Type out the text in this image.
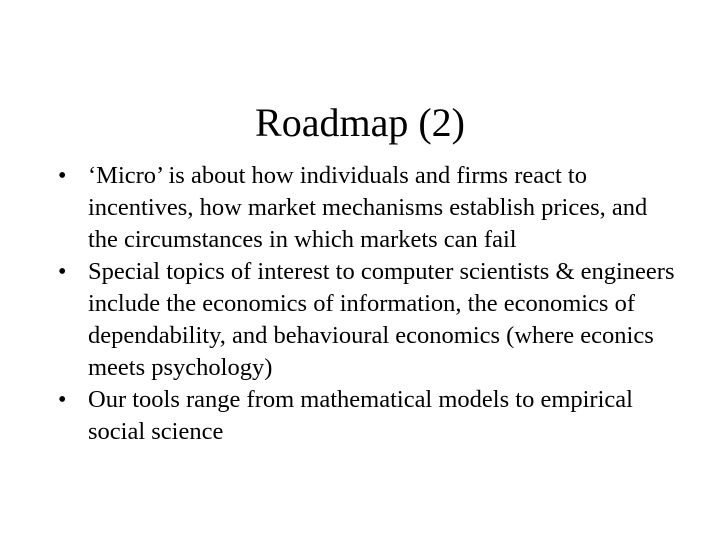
Roadmap (2)
• ‘Micro’ is about how individuals and firms react to incentives, how market mechanisms establish prices, and the circumstances in which markets can fail
• Special topics of interest to computer scientists & engineers include the economics of information, the economics of dependability, and behavioural economics (where econics meets psychology)
• Our tools range from mathematical models to empirical social science
